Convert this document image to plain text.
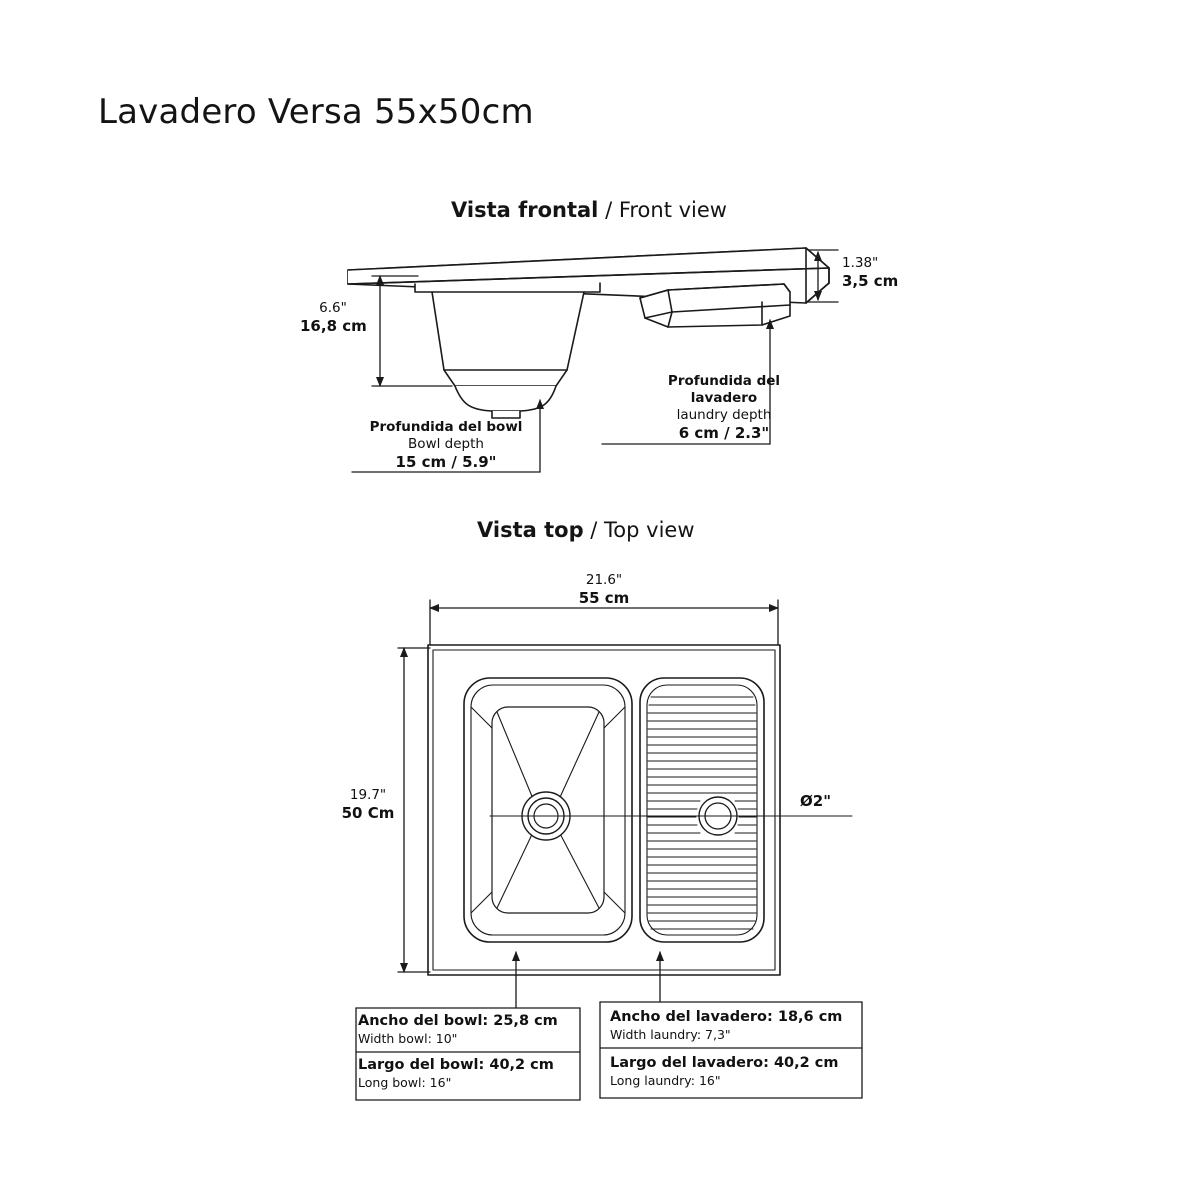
Lavadero Versa 55x50cm
Vista frontal / Front view
Vista top / Top view
6.6"
16,8 cm
1.38"
3,5 cm
Profundida del bowl
Bowl depth
15 cm / 5.9"
Profundida del
lavadero
laundry depth
6 cm / 2.3"
21.6"
55 cm
19.7"
50 Cm
Ø2"
Ancho del bowl: 25,8 cm
Width bowl: 10"
Largo del bowl: 40,2 cm
Long bowl: 16"
Ancho del lavadero: 18,6 cm
Width laundry: 7,3"
Largo del lavadero: 40,2 cm
Long laundry: 16"
